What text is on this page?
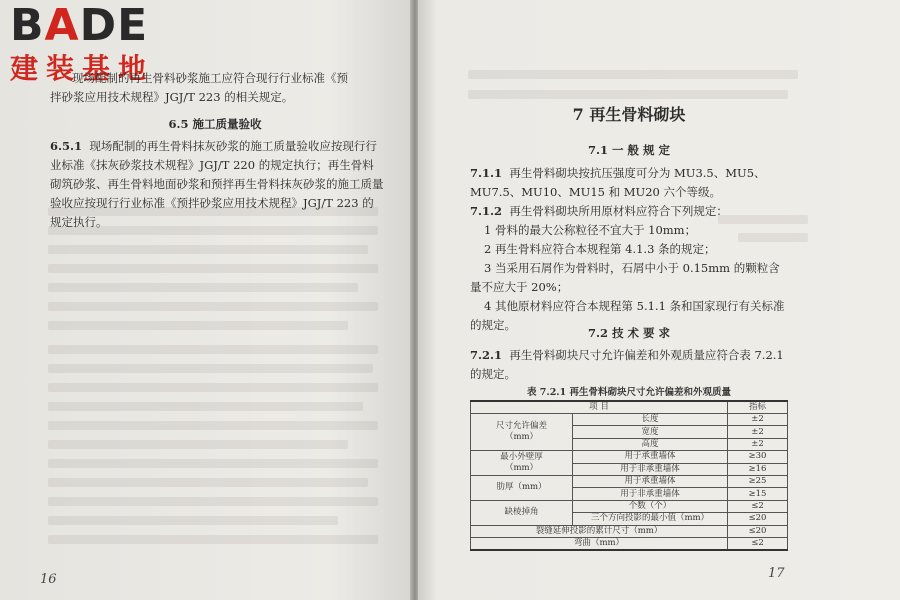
BADE
建装基地
现场配制的再生骨料砂浆施工应符合现行行业标准《预
拌砂浆应用技术规程》JGJ/T 223 的相关规定。
6.5 施工质量验收
6.5.1 现场配制的再生骨料抹灰砂浆的施工质量验收应按现行行业标准《抹灰砂浆技术规程》JGJ/T 220 的规定执行；再生骨料砌筑砂浆、再生骨料地面砂浆和预拌再生骨料抹灰砂浆的施工质量验收应按现行行业标准《预拌砂浆应用技术规程》JGJ/T 223 的规定执行。
16
7 再生骨料砌块
7.1 一 般 规 定
7.1.1 再生骨料砌块按抗压强度可分为 MU3.5、MU5、MU7.5、MU10、MU15 和 MU20 六个等级。
7.1.2 再生骨料砌块所用原材料应符合下列规定：
1 骨料的最大公称粒径不宜大于 10mm；
2 再生骨料应符合本规程第 4.1.3 条的规定；
3 当采用石屑作为骨料时，石屑中小于 0.15mm 的颗粒含量不应大于 20%；
4 其他原材料应符合本规程第 5.1.1 条和国家现行有关标准的规定。
7.2 技 术 要 求
7.2.1 再生骨料砌块尺寸允许偏差和外观质量应符合表 7.2.1 的规定。
表 7.2.1 再生骨料砌块尺寸允许偏差和外观质量
项 目		指标
尺寸允许偏差
（mm）	长度	±2
	宽度	±2
	高度	±2
最小外壁厚
（mm）	用于承重墙体	≥30
	用于非承重墙体	≥16
肋厚（mm）	用于承重墙体	≥25
	用于非承重墙体	≥15
缺棱掉角	个数（个）	≤2
	三个方向投影的最小值（mm）	≤20
裂缝延伸投影的累计尺寸（mm）		≤20
弯曲（mm）		≤2
17
